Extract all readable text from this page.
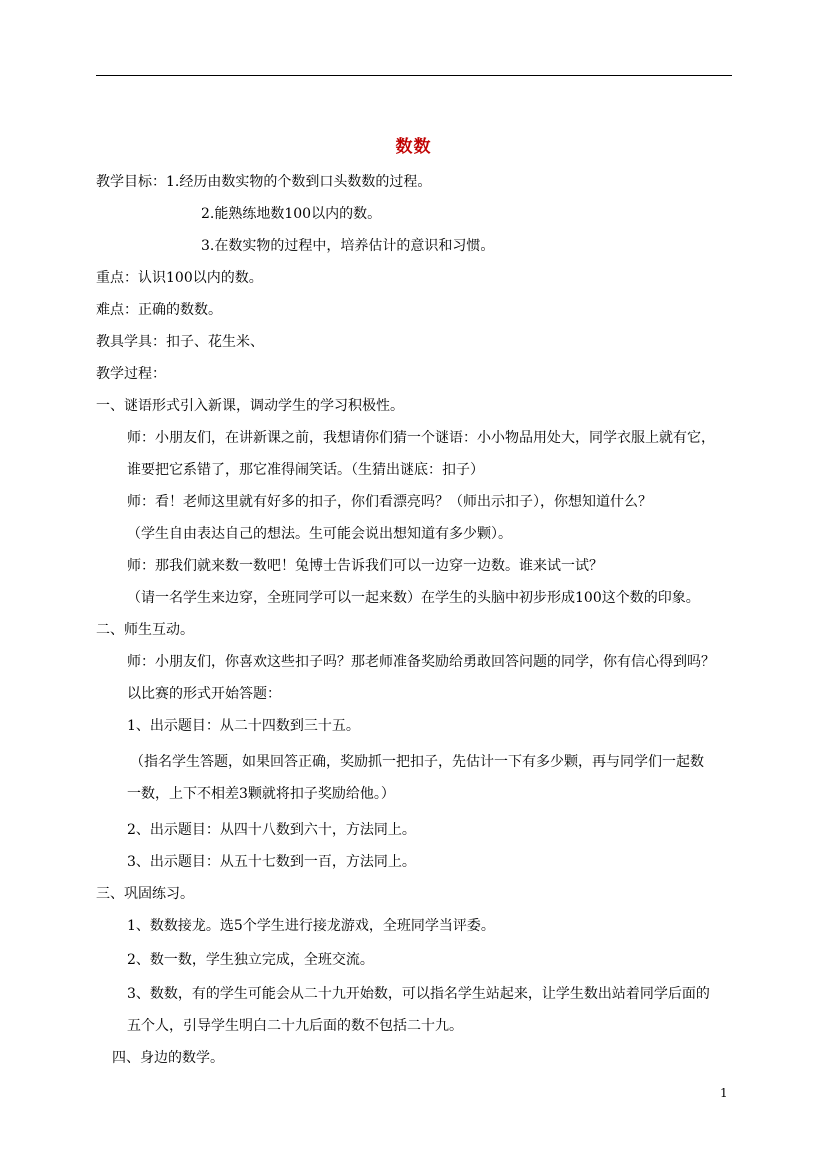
数数
教学目标：1.经历由数实物的个数到口头数数的过程。
2.能熟练地数100以内的数。
3.在数实物的过程中，培养估计的意识和习惯。
重点：认识100以内的数。
难点：正确的数数。
教具学具：扣子、花生米、
教学过程：
一、谜语形式引入新课，调动学生的学习积极性。
师：小朋友们，在讲新课之前，我想请你们猜一个谜语：小小物品用处大，同学衣服上就有它，
谁要把它系错了，那它准得闹笑话。（生猜出谜底：扣子）
师：看！老师这里就有好多的扣子，你们看漂亮吗？（师出示扣子），你想知道什么？
（学生自由表达自己的想法。生可能会说出想知道有多少颗）。
师：那我们就来数一数吧！兔博士告诉我们可以一边穿一边数。谁来试一试？
（请一名学生来边穿，全班同学可以一起来数）在学生的头脑中初步形成100这个数的印象。
二、师生互动。
师：小朋友们，你喜欢这些扣子吗？那老师准备奖励给勇敢回答问题的同学，你有信心得到吗？
以比赛的形式开始答题：
1、出示题目：从二十四数到三十五。
（指名学生答题，如果回答正确，奖励抓一把扣子，先估计一下有多少颗，再与同学们一起数
一数，上下不相差3颗就将扣子奖励给他。）
2、出示题目：从四十八数到六十，方法同上。
3、出示题目：从五十七数到一百，方法同上。
三、巩固练习。
1、数数接龙。选5个学生进行接龙游戏，全班同学当评委。
2、数一数，学生独立完成，全班交流。
3、数数，有的学生可能会从二十九开始数，可以指名学生站起来，让学生数出站着同学后面的
五个人，引导学生明白二十九后面的数不包括二十九。
四、身边的数学。
1
